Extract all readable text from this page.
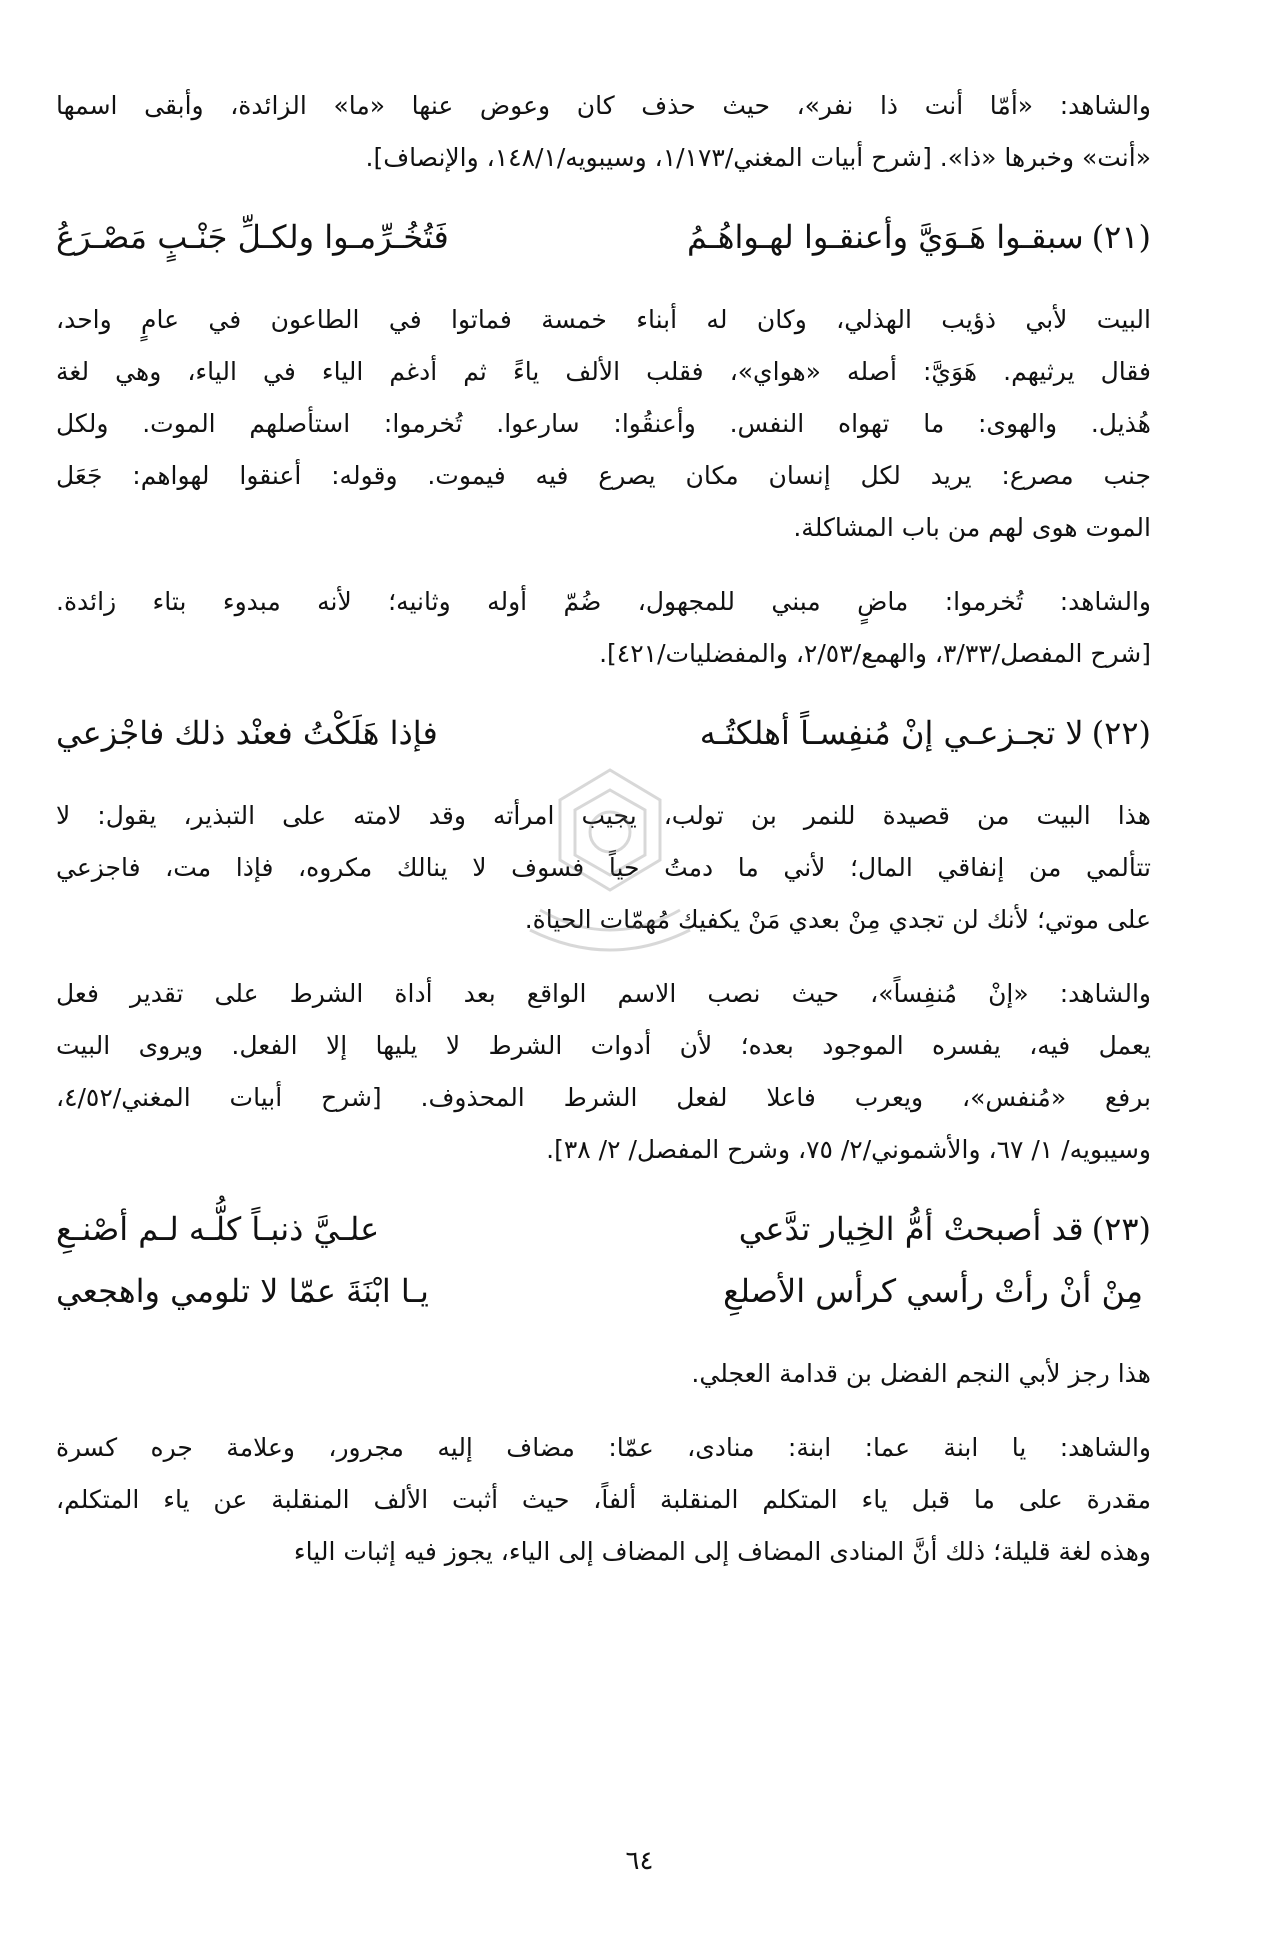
والشاهد: «أمّا أنت ذا نفر»، حيث حذف كان وعوض عنها «ما» الزائدة، وأبقى اسمها
«أنت» وخبرها «ذا». [شرح أبيات المغني/١/١٧٣، وسيبويه/١٤٨/١، والإنصاف].
(٢١)سبقـوا هَـوَيَّ وأعنقـوا لهـواهُـمُ
فَتُخُـرِّمـوا ولكـلِّ جَنْـبٍ مَصْـرَعُ
البيت لأبي ذؤيب الهذلي، وكان له أبناء خمسة فماتوا في الطاعون في عامٍ واحد،
فقال يرثيهم. هَوَيَّ: أصله «هواي»، فقلب الألف ياءً ثم أدغم الياء في الياء، وهي لغة
هُذيل. والهوى: ما تهواه النفس. وأعنقُوا: سارعوا. تُخرموا: استأصلهم الموت. ولكل
جنب مصرع: يريد لكل إنسان مكان يصرع فيه فيموت. وقوله: أعنقوا لهواهم: جَعَل
الموت هوى لهم من باب المشاكلة.
والشاهد: تُخرموا: ماضٍ مبني للمجهول، ضُمّ أوله وثانيه؛ لأنه مبدوء بتاء زائدة.
[شرح المفصل/٣/٣٣، والهمع/٢/٥٣، والمفضليات/٤٢١].
(٢٢)لا تجـزعـي إنْ مُنفِسـاً أهلكتُـه
فإذا هَلَكْتُ فعنْد ذلك فاجْزعي
هذا البيت من قصيدة للنمر بن تولب، يجيب امرأته وقد لامته على التبذير، يقول: لا
تتألمي من إنفاقي المال؛ لأني ما دمتُ حياً فسوف لا ينالك مكروه، فإذا مت، فاجزعي
على موتي؛ لأنك لن تجدي مِنْ بعدي مَنْ يكفيك مُهمّات الحياة.
والشاهد: «إنْ مُنفِساً»، حيث نصب الاسم الواقع بعد أداة الشرط على تقدير فعل
يعمل فيه، يفسره الموجود بعده؛ لأن أدوات الشرط لا يليها إلا الفعل. ويروى البيت
برفع «مُنفس»، ويعرب فاعلا لفعل الشرط المحذوف. [شرح أبيات المغني/٤/٥٢،
وسيبويه/ ١/ ٦٧، والأشموني/٢/ ٧٥، وشرح المفصل/ ٢/ ٣٨].
(٢٣)قد أصبحتْ أمُّ الخِيار تدَّعي
علـيَّ ذنبـاً كلُّـه لـم أصْنـعِ
مِنْ أنْ رأتْ رأسي كرأس الأصلعِ
يـا ابْنَةَ عمّا لا تلومي واهجعي
هذا رجز لأبي النجم الفضل بن قدامة العجلي.
والشاهد: يا ابنة عما: ابنة: منادى، عمّا: مضاف إليه مجرور، وعلامة جره كسرة
مقدرة على ما قبل ياء المتكلم المنقلبة ألفاً، حيث أثبت الألف المنقلبة عن ياء المتكلم،
وهذه لغة قليلة؛ ذلك أنَّ المنادى المضاف إلى المضاف إلى الياء، يجوز فيه إثبات الياء
٦٤
